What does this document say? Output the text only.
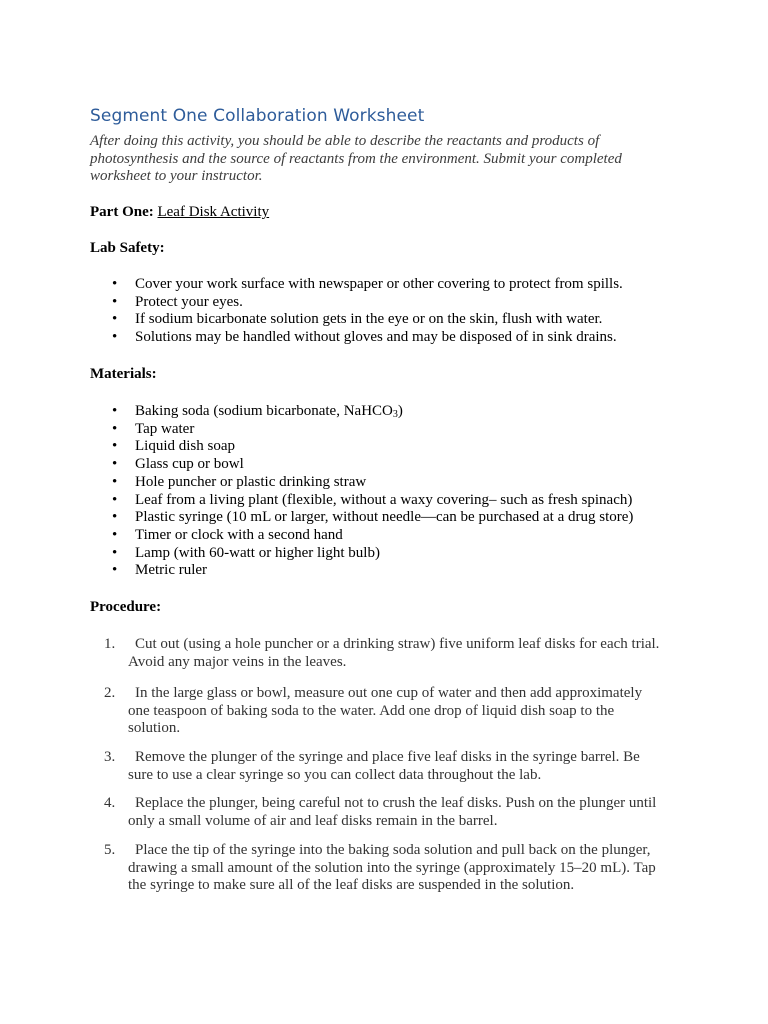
Segment One Collaboration Worksheet
After doing this activity, you should be able to describe the reactants and products of photosynthesis and the source of reactants from the environment. Submit your completed worksheet to your instructor.
Part One: Leaf Disk Activity
Lab Safety:
• Cover your work surface with newspaper or other covering to protect from spills.
• Protect your eyes.
• If sodium bicarbonate solution gets in the eye or on the skin, flush with water.
• Solutions may be handled without gloves and may be disposed of in sink drains.
Materials:
• Baking soda (sodium bicarbonate, NaHCO$_3$)
• Tap water
• Liquid dish soap
• Glass cup or bowl
• Hole puncher or plastic drinking straw
• Leaf from a living plant (flexible, without a waxy covering– such as fresh spinach)
• Plastic syringe (10 mL or larger, without needle—can be purchased at a drug store)
• Timer or clock with a second hand
• Lamp (with 60-watt or higher light bulb)
• Metric ruler
Procedure:
1.	Cut out (using a hole puncher or a drinking straw) five uniform leaf disks for each trial. Avoid any major veins in the leaves.
2.	In the large glass or bowl, measure out one cup of water and then add approximately one teaspoon of baking soda to the water. Add one drop of liquid dish soap to the solution.
3.	Remove the plunger of the syringe and place five leaf disks in the syringe barrel. Be sure to use a clear syringe so you can collect data throughout the lab.
4.	Replace the plunger, being careful not to crush the leaf disks. Push on the plunger until only a small volume of air and leaf disks remain in the barrel.
5.	Place the tip of the syringe into the baking soda solution and pull back on the plunger, drawing a small amount of the solution into the syringe (approximately 15–20 mL). Tap the syringe to make sure all of the leaf disks are suspended in the solution.
